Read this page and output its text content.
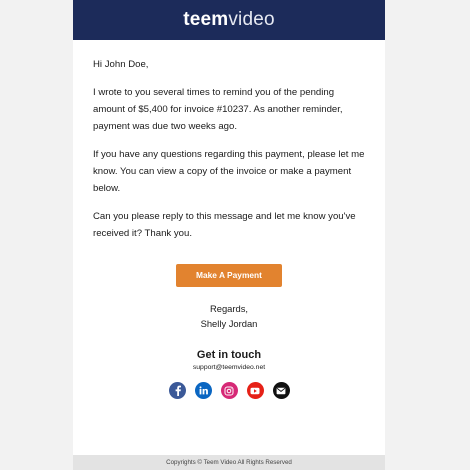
teemvideo

Hi John Doe,

I wrote to you several times to remind you of the pending amount of $5,400 for invoice #10237. As another reminder, payment was due two weeks ago.

If you have any questions regarding this payment, please let me know. You can view a copy of the invoice or make a payment below.

Can you please reply to this message and let me know you've received it? Thank you.

Make A Payment
Regards,
Shelly Jordan
Get in touch
support@teemvideo.net
Copyrights © Teem Video All Rights Reserved
